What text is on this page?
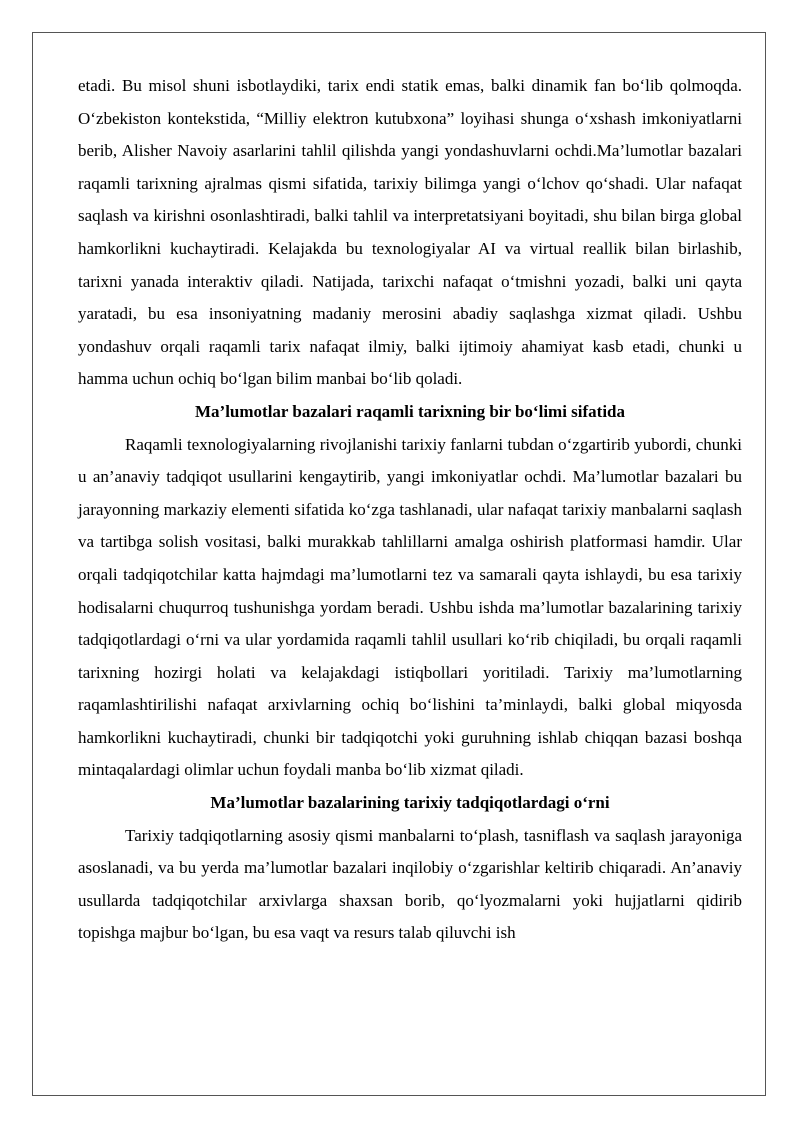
etadi. Bu misol shuni isbotlaydiki, tarix endi statik emas, balki dinamik fan bo‘lib qolmoqda. O‘zbekiston kontekstida, “Milliy elektron kutubxona” loyihasi shunga o‘xshash imkoniyatlarni berib, Alisher Navoiy asarlarini tahlil qilishda yangi yondashuvlarni ochdi.Ma’lumotlar bazalari raqamli tarixning ajralmas qismi sifatida, tarixiy bilimga yangi o‘lchov qo‘shadi. Ular nafaqat saqlash va kirishni osonlashtiradi, balki tahlil va interpretatsiyani boyitadi, shu bilan birga global hamkorlikni kuchaytiradi. Kelajakda bu texnologiyalar AI va virtual reallik bilan birlashib, tarixni yanada interaktiv qiladi. Natijada, tarixchi nafaqat o‘tmishni yozadi, balki uni qayta yaratadi, bu esa insoniyatning madaniy merosini abadiy saqlashga xizmat qiladi. Ushbu yondashuv orqali raqamli tarix nafaqat ilmiy, balki ijtimoiy ahamiyat kasb etadi, chunki u hamma uchun ochiq bo‘lgan bilim manbai bo‘lib qoladi.

Ma’lumotlar bazalari raqamli tarixning bir bo‘limi sifatida

Raqamli texnologiyalarning rivojlanishi tarixiy fanlarni tubdan o‘zgartirib yubordi, chunki u an’anaviy tadqiqot usullarini kengaytirib, yangi imkoniyatlar ochdi. Ma’lumotlar bazalari bu jarayonning markaziy elementi sifatida ko‘zga tashlanadi, ular nafaqat tarixiy manbalarni saqlash va tartibga solish vositasi, balki murakkab tahlillarni amalga oshirish platformasi hamdir. Ular orqali tadqiqotchilar katta hajmdagi ma’lumotlarni tez va samarali qayta ishlaydi, bu esa tarixiy hodisalarni chuqurroq tushunishga yordam beradi. Ushbu ishda ma’lumotlar bazalarining tarixiy tadqiqotlardagi o‘rni va ular yordamida raqamli tahlil usullari ko‘rib chiqiladi, bu orqali raqamli tarixning hozirgi holati va kelajakdagi istiqbollari yoritiladi. Tarixiy ma’lumotlarning raqamlashtirilishi nafaqat arxivlarning ochiq bo‘lishini ta’minlaydi, balki global miqyosda hamkorlikni kuchaytiradi, chunki bir tadqiqotchi yoki guruhning ishlab chiqqan bazasi boshqa mintaqalardagi olimlar uchun foydali manba bo‘lib xizmat qiladi.

Ma’lumotlar bazalarining tarixiy tadqiqotlardagi o‘rni

Tarixiy tadqiqotlarning asosiy qismi manbalarni to‘plash, tasniflash va saqlash jarayoniga asoslanadi, va bu yerda ma’lumotlar bazalari inqilobiy o‘zgarishlar keltirib chiqaradi. An’anaviy usullarda tadqiqotchilar arxivlarga shaxsan borib, qo‘lyozmalarni yoki hujjatlarni qidirib topishga majbur bo‘lgan, bu esa vaqt va resurs talab qiluvchi ish
